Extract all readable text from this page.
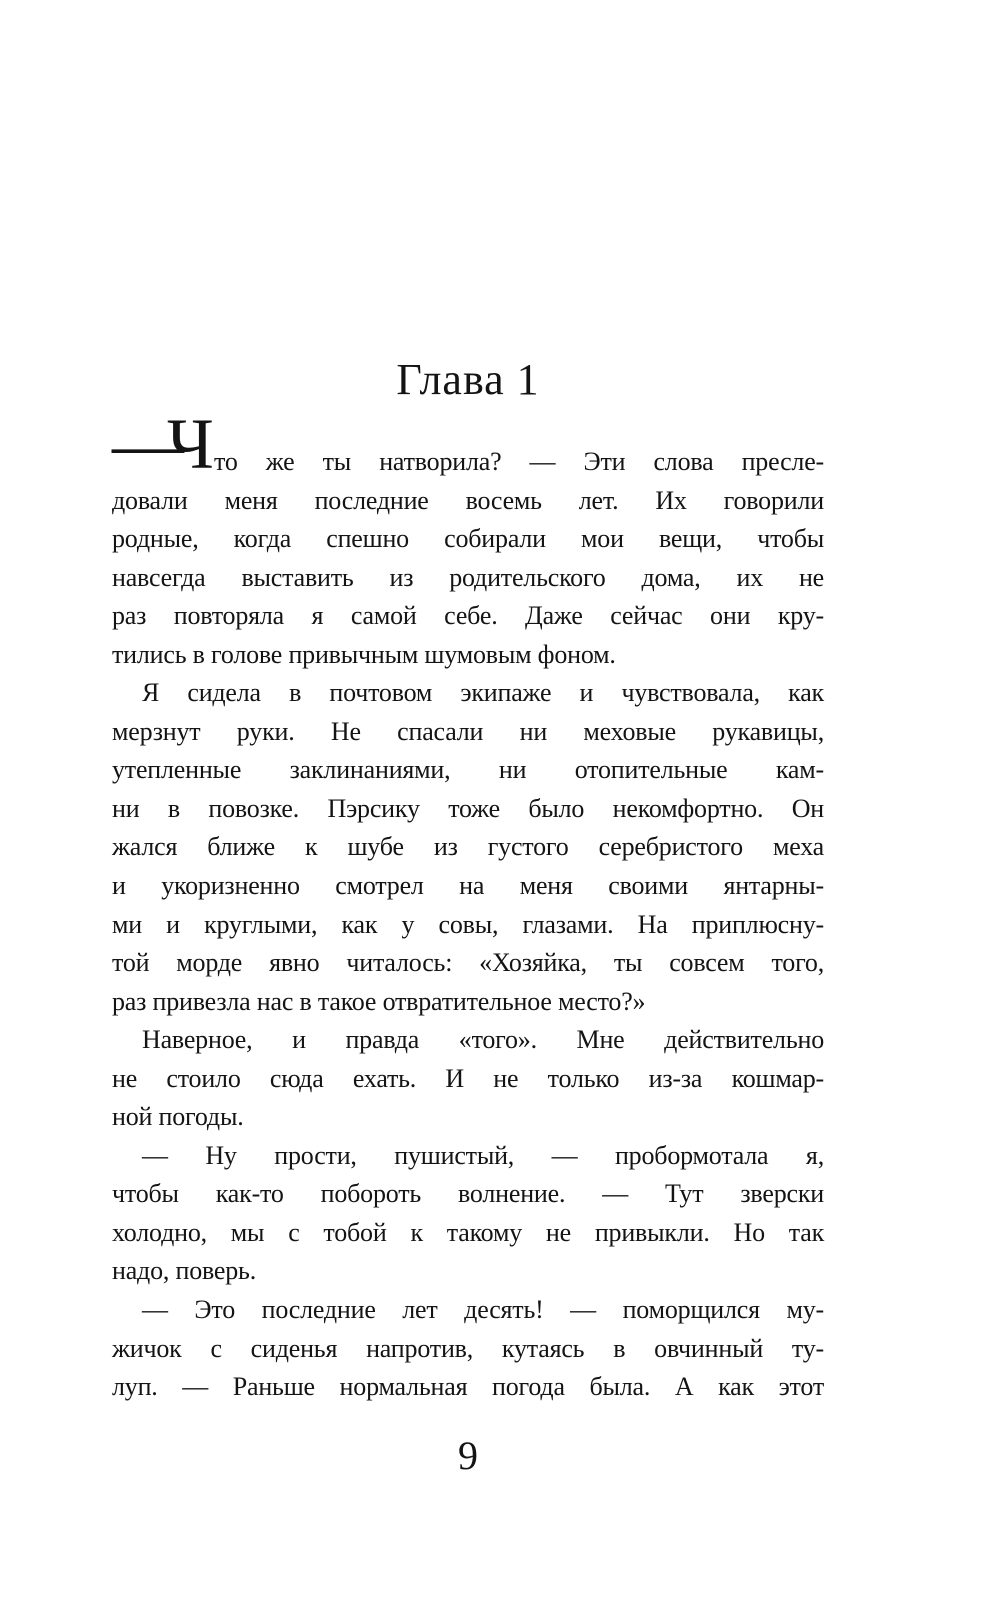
Глава 1
—Ч то же ты натворила? — Эти слова пресле-
довали меня последние восемь лет. Их говорили
родные, когда спешно собирали мои вещи, чтобы
навсегда выставить из родительского дома, их не
раз повторяла я самой себе. Даже сейчас они кру-
тились в голове привычным шумовым фоном.
Я сидела в почтовом экипаже и чувствовала, как
мерзнут руки. Не спасали ни меховые рукавицы,
утепленные заклинаниями, ни отопительные кам-
ни в повозке. Пэрсику тоже было некомфортно. Он
жался ближе к шубе из густого серебристого меха
и укоризненно смотрел на меня своими янтарны-
ми и круглыми, как у совы, глазами. На приплюсну-
той морде явно читалось: «Хозяйка, ты совсем того,
раз привезла нас в такое отвратительное место?»
Наверное, и правда «того». Мне действительно
не стоило сюда ехать. И не только из-за кошмар-
ной погоды.
— Ну прости, пушистый, — пробормотала я,
чтобы как-то побороть волнение. — Тут зверски
холодно, мы с тобой к такому не привыкли. Но так
надо, поверь.
— Это последние лет десять! — поморщился му-
жичок с сиденья напротив, кутаясь в овчинный ту-
луп. — Раньше нормальная погода была. А как этот
9
